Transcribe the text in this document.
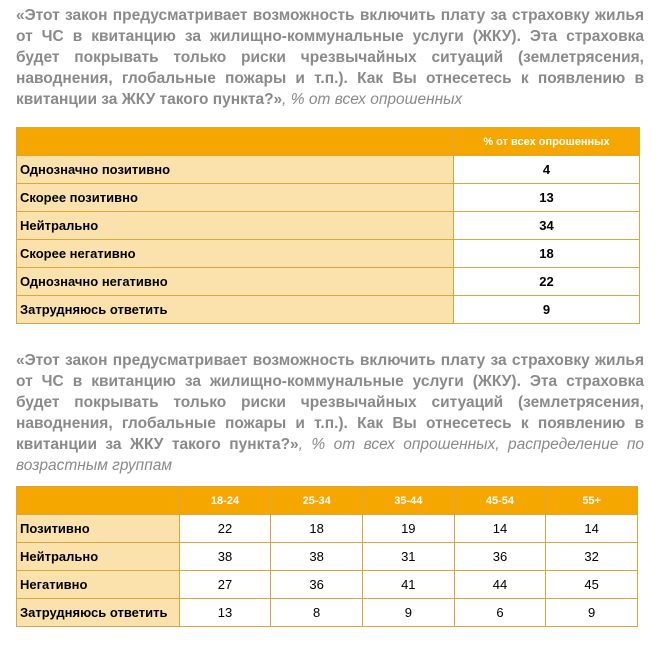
«Этот закон предусматривает возможность включить плату за страховку жилья от ЧС в квитанцию за жилищно-коммунальные услуги (ЖКУ). Эта страховка будет покрывать только риски чрезвычайных ситуаций (землетрясения, наводнения, глобальные пожары и т.п.). Как Вы отнесетесь к появлению в квитанции за ЖКУ такого пункта?», % от всех опрошенных
	% от всех опрошенных
Однозначно позитивно	4
Скорее позитивно	13
Нейтрально	34
Скорее негативно	18
Однозначно негативно	22
Затрудняюсь ответить	9
«Этот закон предусматривает возможность включить плату за страховку жилья от ЧС в квитанцию за жилищно-коммунальные услуги (ЖКУ). Эта страховка будет покрывать только риски чрезвычайных ситуаций (землетрясения, наводнения, глобальные пожары и т.п.). Как Вы отнесетесь к появлению в квитанции за ЖКУ такого пункта?», % от всех опрошенных, распределение по возрастным группам
	18-24	25-34	35-44	45-54	55+
Позитивно	22	18	19	14	14
Нейтрально	38	38	31	36	32
Негативно	27	36	41	44	45
Затрудняюсь ответить	13	8	9	6	9
